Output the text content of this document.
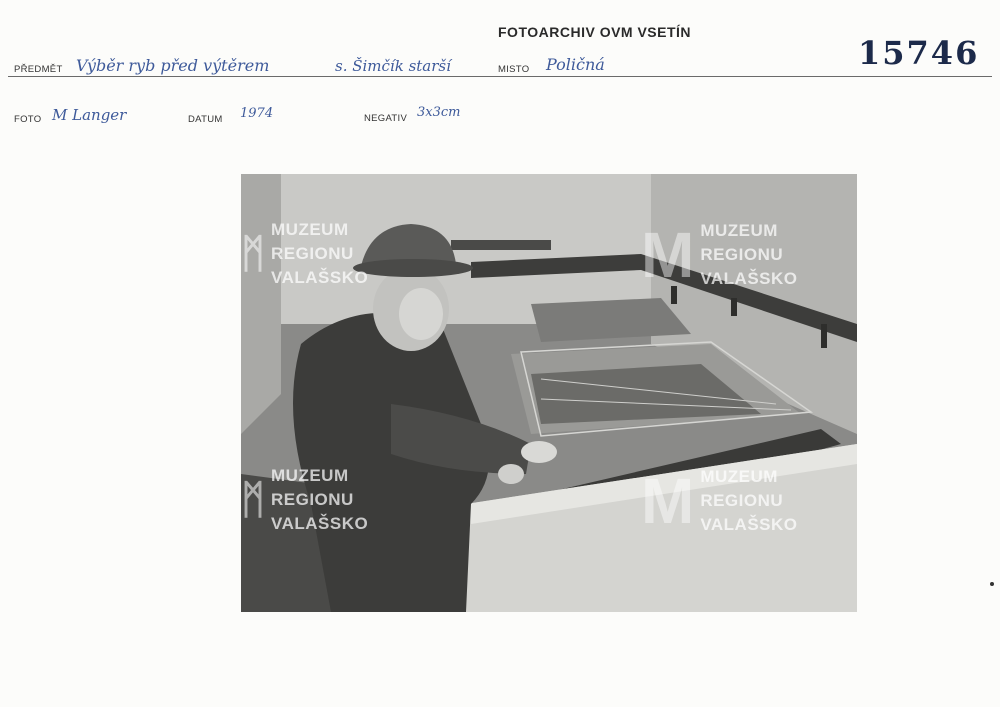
FOTOARCHIV OVM VSETÍN
15746
PŘEDMĚT Výběr ryb před výtěrem	s. Šimčík starší	MISTO Poličná
FOTO M Langer	DATUM 1974	NEGATIV 3x3cm
ᛗ
MUZEUM
REGIONU
VALAŠSKO	M MUZEUM
REGIONU
VALAŠSKO
ᛗ
MUZEUM
REGIONU
VALAŠSKO	M MUZEUM
REGIONU
VALAŠSKO
